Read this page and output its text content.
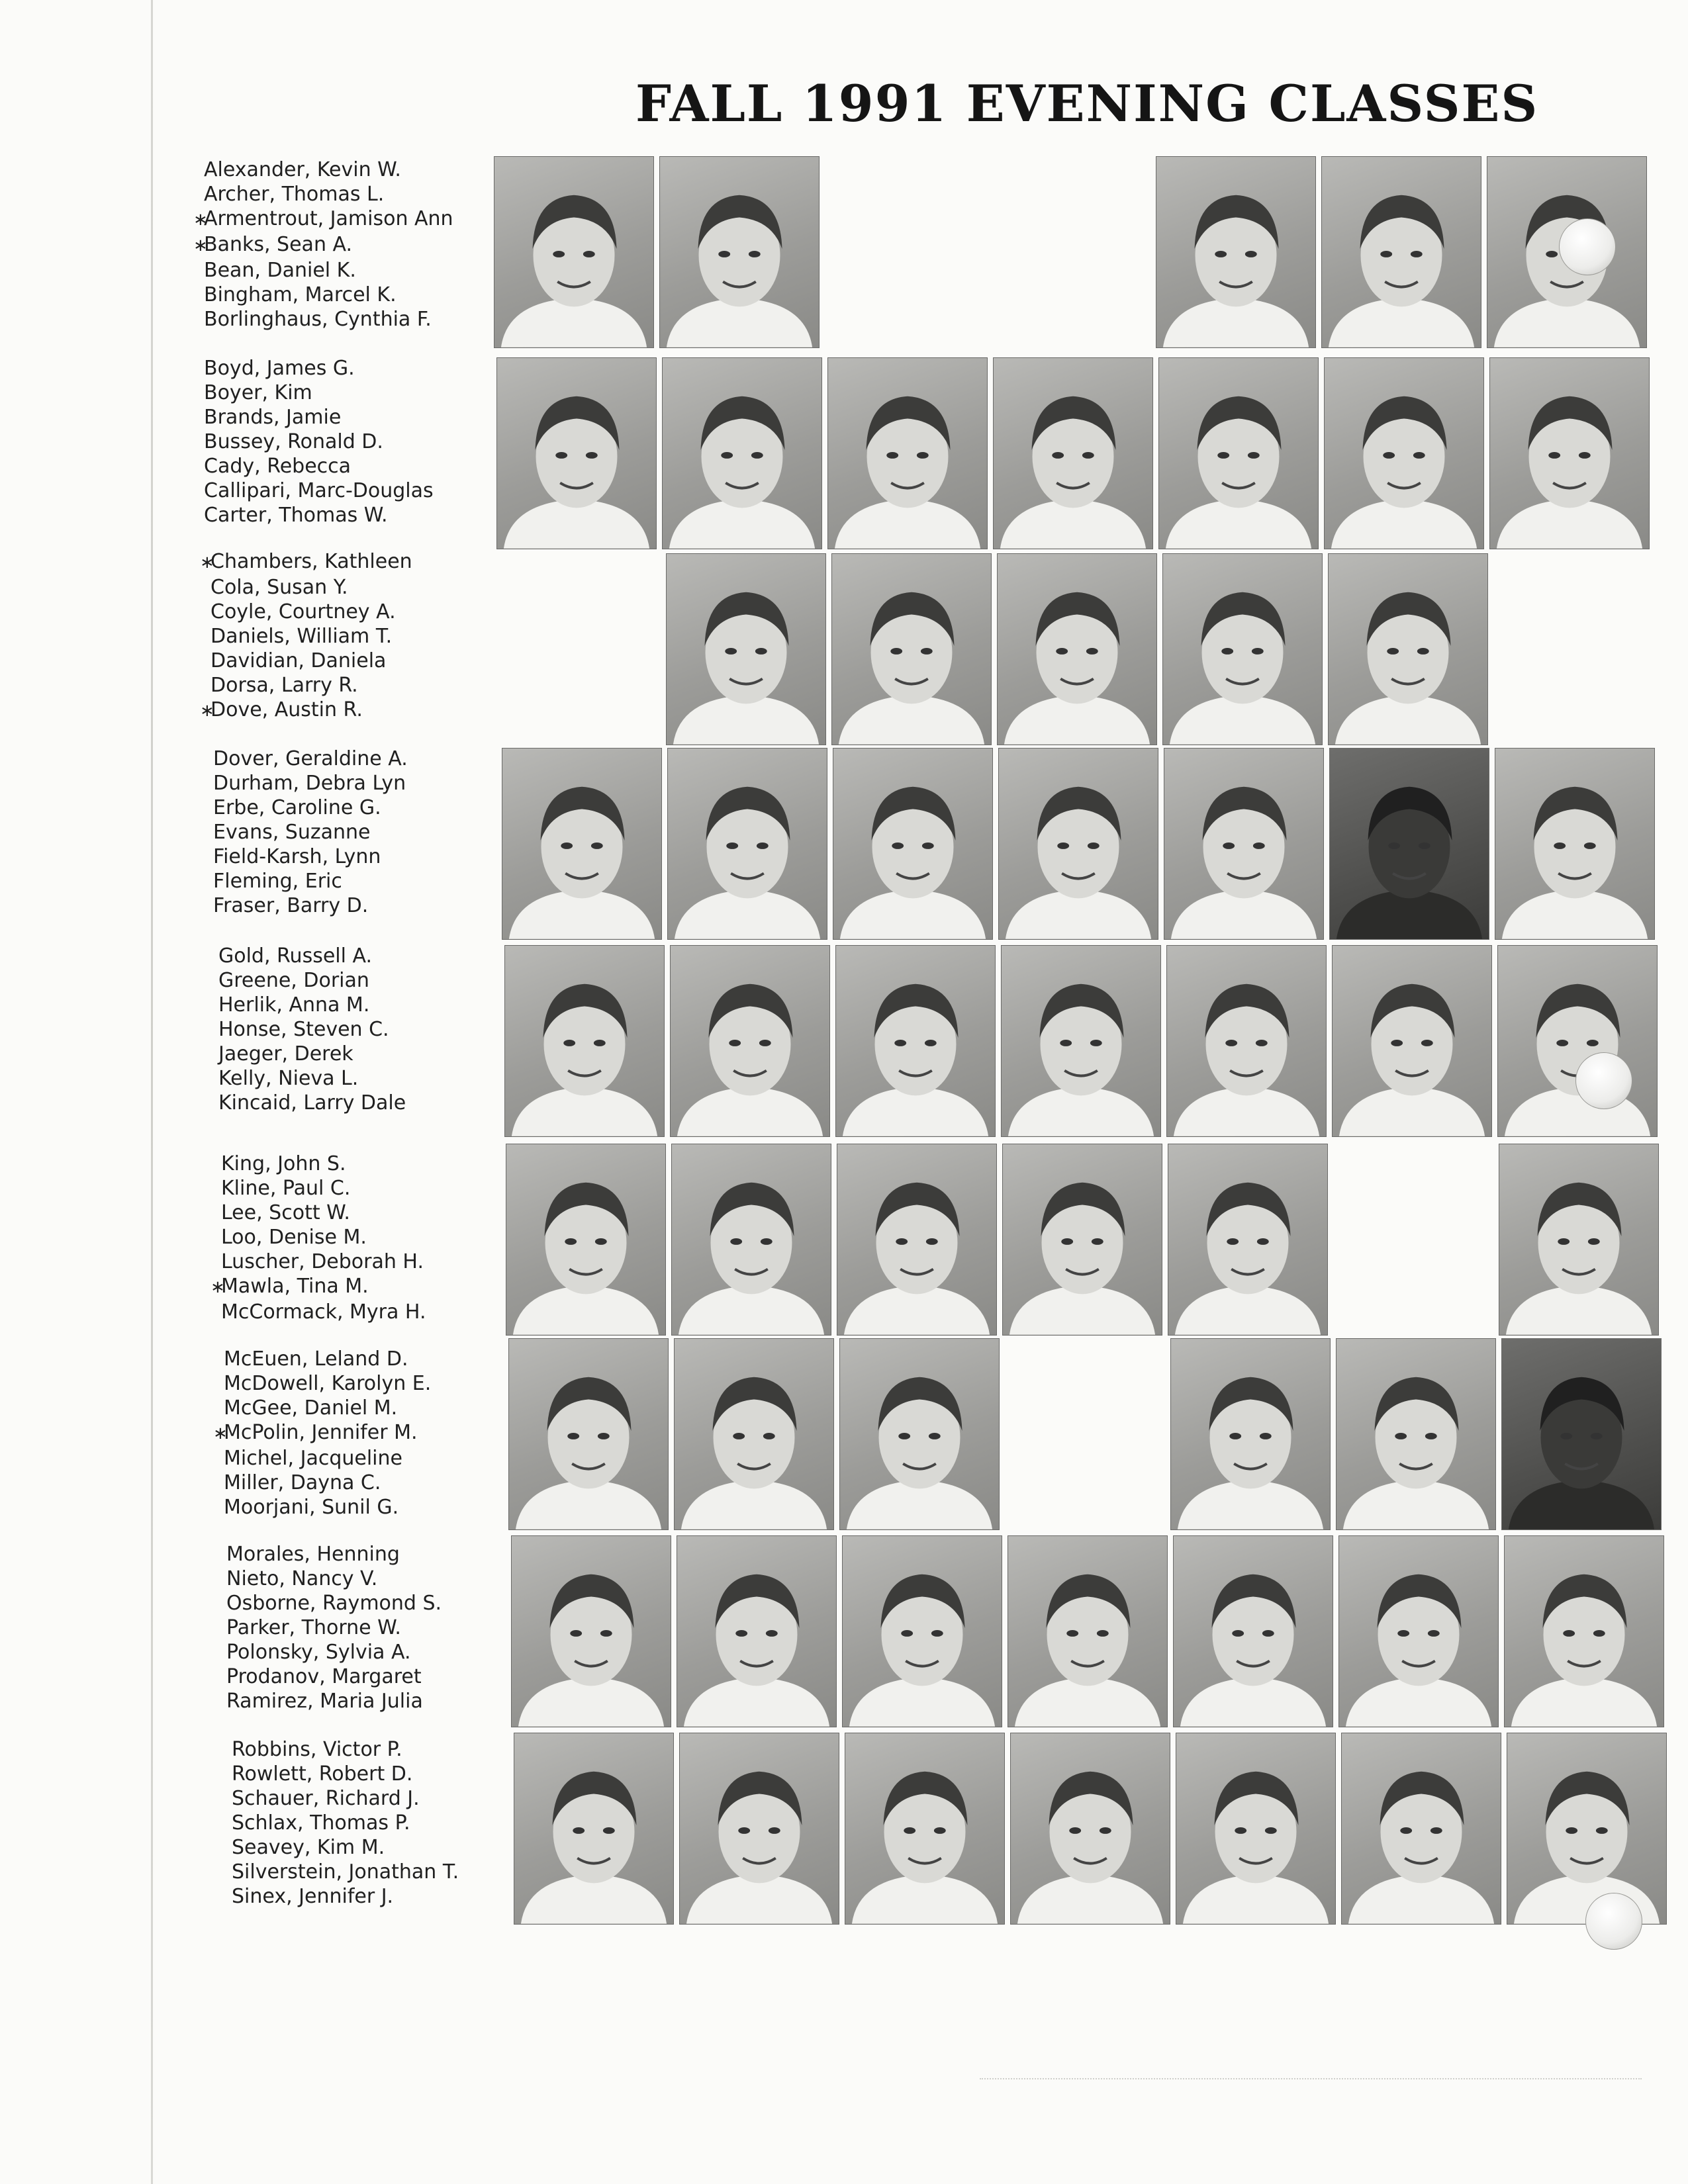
FALL 1991 EVENING CLASSES
Alexander, Kevin W.
Archer, Thomas L.
∗Armentrout, Jamison Ann
∗Banks, Sean A.
Bean, Daniel K.
Bingham, Marcel K.
Borlinghaus, Cynthia F.
Boyd, James G.
Boyer, Kim
Brands, Jamie
Bussey, Ronald D.
Cady, Rebecca
Callipari, Marc-Douglas
Carter, Thomas W.
∗Chambers, Kathleen
Cola, Susan Y.
Coyle, Courtney A.
Daniels, William T.
Davidian, Daniela
Dorsa, Larry R.
∗Dove, Austin R.
Dover, Geraldine A.
Durham, Debra Lyn
Erbe, Caroline G.
Evans, Suzanne
Field-Karsh, Lynn
Fleming, Eric
Fraser, Barry D.
Gold, Russell A.
Greene, Dorian
Herlik, Anna M.
Honse, Steven C.
Jaeger, Derek
Kelly, Nieva L.
Kincaid, Larry Dale
King, John S.
Kline, Paul C.
Lee, Scott W.
Loo, Denise M.
Luscher, Deborah H.
∗Mawla, Tina M.
McCormack, Myra H.
McEuen, Leland D.
McDowell, Karolyn E.
McGee, Daniel M.
∗McPolin, Jennifer M.
Michel, Jacqueline
Miller, Dayna C.
Moorjani, Sunil G.
Morales, Henning
Nieto, Nancy V.
Osborne, Raymond S.
Parker, Thorne W.
Polonsky, Sylvia A.
Prodanov, Margaret
Ramirez, Maria Julia
Robbins, Victor P.
Rowlett, Robert D.
Schauer, Richard J.
Schlax, Thomas P.
Seavey, Kim M.
Silverstein, Jonathan T.
Sinex, Jennifer J.
